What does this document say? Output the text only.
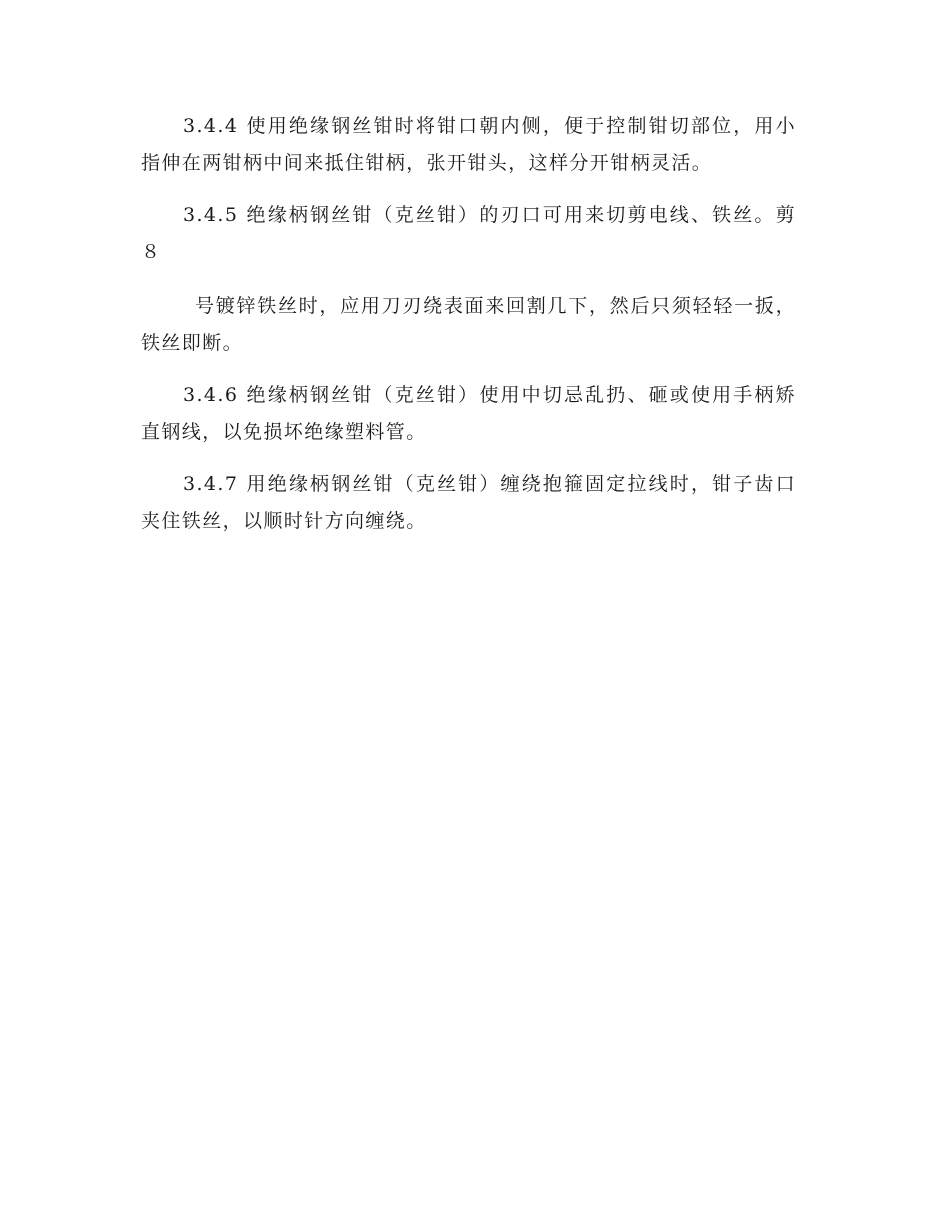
3.4.4 使用绝缘钢丝钳时将钳口朝内侧，便于控制钳切部位，用小指伸在两钳柄中间来抵住钳柄，张开钳头，这样分开钳柄灵活。

3.4.5 绝缘柄钢丝钳（克丝钳）的刃口可用来切剪电线、铁丝。剪８

号镀锌铁丝时，应用刀刃绕表面来回割几下，然后只须轻轻一扳，铁丝即断。

3.4.6 绝缘柄钢丝钳（克丝钳）使用中切忌乱扔、砸或使用手柄矫直钢线，以免损坏绝缘塑料管。

3.4.7 用绝缘柄钢丝钳（克丝钳）缠绕抱箍固定拉线时，钳子齿口夹住铁丝，以顺时针方向缠绕。
